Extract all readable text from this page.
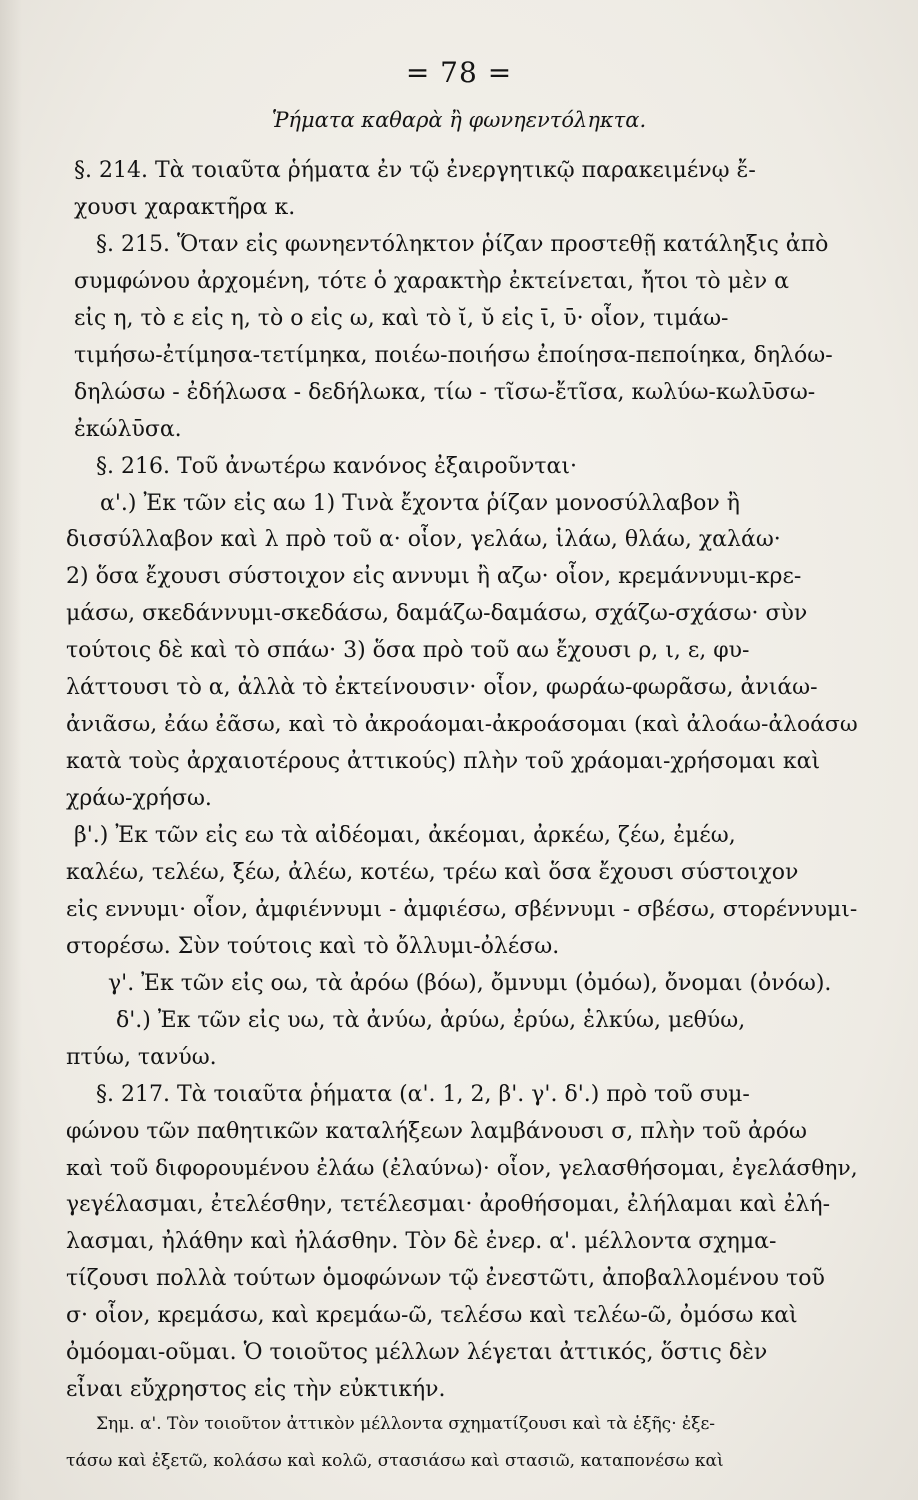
= 78 =
Ῥήματα καθαρὰ ἢ φωνηεντόληκτα.
§. 214. Τὰ τοιαῦτα ῥήματα ἐν τῷ ἐνεργητικῷ παρακειμένῳ ἔ-
χουσι χαρακτῆρα κ.
§. 215. Ὅταν εἰς φωνηεντόληκτον ῥίζαν προστεθῇ κατάληξις ἀπὸ
συμφώνου ἀρχομένη, τότε ὁ χαρακτὴρ ἐκτείνεται, ἤτοι τὸ μὲν α
εἰς η, τὸ ε εἰς η, τὸ ο εἰς ω, καὶ τὸ ῐ, ῠ εἰς ῑ, ῡ· οἷον, τιμάω-
τιμήσω-ἐτίμησα-τετίμηκα, ποιέω-ποιήσω ἐποίησα-πεποίηκα, δηλόω-
δηλώσω - ἐδήλωσα - δεδήλωκα, τίω - τῖσω-ἔτῖσα, κωλύω-κωλῡσω-
ἐκώλῡσα.
§. 216. Τοῦ ἀνωτέρω κανόνος ἐξαιροῦνται·
α'.) Ἐκ τῶν εἰς αω 1) Τινὰ ἔχοντα ῥίζαν μονοσύλλαβον ἢ
δισσύλλαβον καὶ λ πρὸ τοῦ α· οἷον, γελάω, ἱλάω, θλάω, χαλάω·
2) ὅσα ἔχουσι σύστοιχον εἰς αννυμι ἢ αζω· οἷον, κρεμάννυμι-κρε-
μάσω, σκεδάννυμι-σκεδάσω, δαμάζω-δαμάσω, σχάζω-σχάσω· σὺν
τούτοις δὲ καὶ τὸ σπάω· 3) ὅσα πρὸ τοῦ αω ἔχουσι ρ, ι, ε, φυ-
λάττουσι τὸ α, ἀλλὰ τὸ ἐκτείνουσιν· οἷον, φωράω-φωρᾶσω, ἀνιάω-
ἀνιᾶσω, ἐάω ἐᾶσω, καὶ τὸ ἀκροάομαι-ἀκροάσομαι (καὶ ἀλοάω-ἀλοάσω
κατὰ τοὺς ἀρχαιοτέρους ἀττικούς) πλὴν τοῦ χράομαι-χρήσομαι καὶ
χράω-χρήσω.
β'.) Ἐκ τῶν εἰς εω τὰ αἰδέομαι, ἀκέομαι, ἀρκέω, ζέω, ἐμέω,
καλέω, τελέω, ξέω, ἀλέω, κοτέω, τρέω καὶ ὅσα ἔχουσι σύστοιχον
εἰς εννυμι· οἷον, ἀμφιέννυμι - ἀμφιέσω, σβέννυμι - σβέσω, στορέννυμι-
στορέσω. Σὺν τούτοις καὶ τὸ ὄλλυμι-ὀλέσω.
γ'. Ἐκ τῶν εἰς οω, τὰ ἀρόω (βόω), ὄμνυμι (ὀμόω), ὄνομαι (ὀνόω).
δ'.) Ἐκ τῶν εἰς υω, τὰ ἀνύω, ἀρύω, ἐρύω, ἑλκύω, μεθύω,
πτύω, τανύω.
§. 217. Τὰ τοιαῦτα ῥήματα (α'. 1, 2, β'. γ'. δ'.) πρὸ τοῦ συμ-
φώνου τῶν παθητικῶν καταλήξεων λαμβάνουσι σ, πλὴν τοῦ ἀρόω
καὶ τοῦ διφορουμένου ἐλάω (ἐλαύνω)· οἷον, γελασθήσομαι, ἐγελάσθην,
γεγέλασμαι, ἐτελέσθην, τετέλεσμαι· ἀροθήσομαι, ἐλήλαμαι καὶ ἐλή-
λασμαι, ἠλάθην καὶ ἠλάσθην. Τὸν δὲ ἐνερ. α'. μέλλοντα σχημα-
τίζουσι πολλὰ τούτων ὁμοφώνων τῷ ἐνεστῶτι, ἀποβαλλομένου τοῦ
σ· οἷον, κρεμάσω, καὶ κρεμάω-ῶ, τελέσω καὶ τελέω-ῶ, ὀμόσω καὶ
ὀμόομαι-οῦμαι. Ὁ τοιοῦτος μέλλων λέγεται ἀττικός, ὅστις δὲν
εἶναι εὔχρηστος εἰς τὴν εὐκτικήν.
Σημ. α'. Τὸν τοιοῦτον ἀττικὸν μέλλοντα σχηματίζουσι καὶ τὰ ἑξῆς· ἐξε-
τάσω καὶ ἐξετῶ, κολάσω καὶ κολῶ, στασιάσω καὶ στασιῶ, καταπονέσω καὶ
